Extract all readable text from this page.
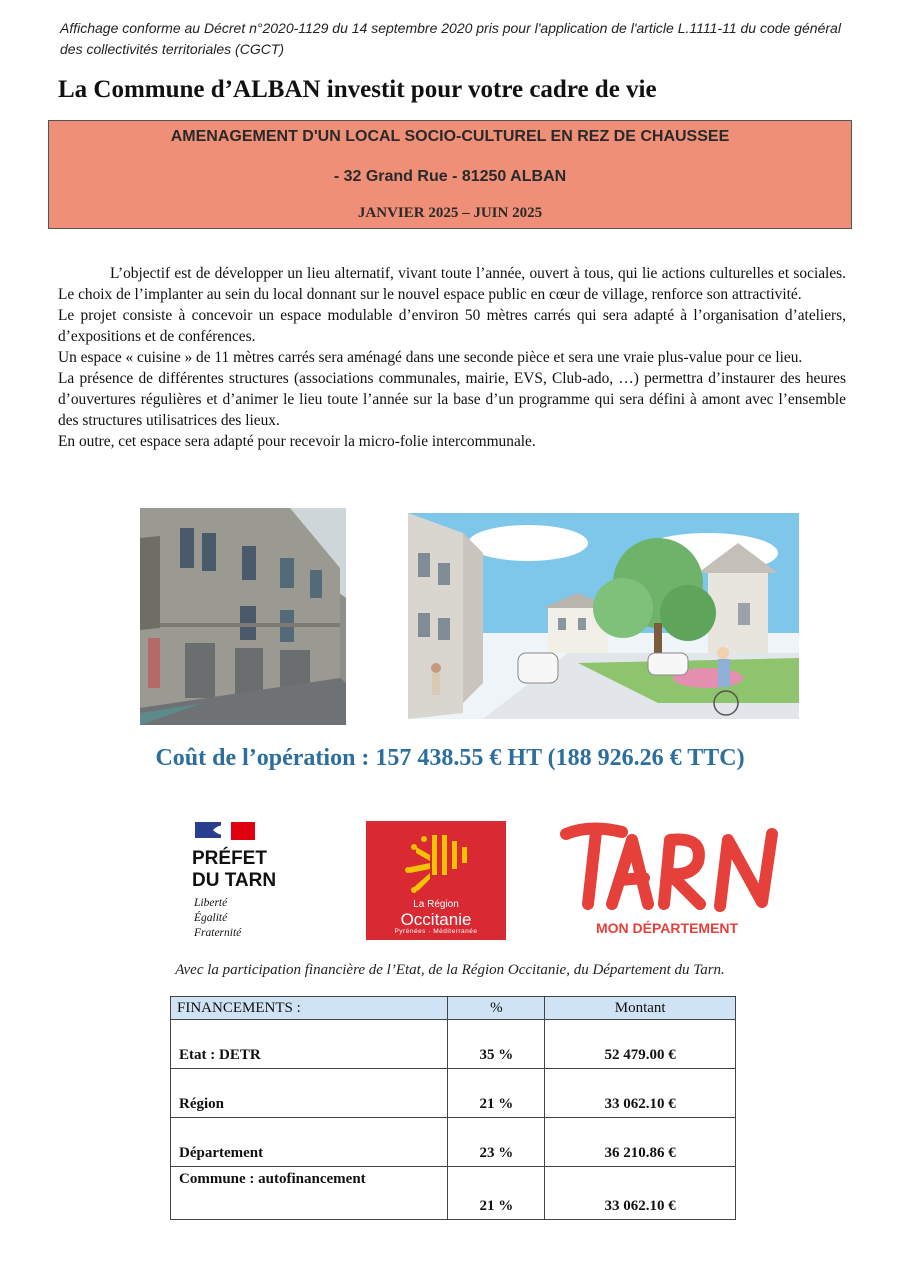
Affichage conforme au Décret n°2020-1129 du 14 septembre 2020 pris pour l'application de l'article L.1111-11 du code général des collectivités territoriales (CGCT)
La Commune d’ALBAN investit pour votre cadre de vie
AMENAGEMENT D'UN LOCAL SOCIO-CULTUREL EN REZ DE CHAUSSEE
- 32 Grand Rue - 81250 ALBAN
JANVIER 2025 – JUIN 2025

L’objectif est de développer un lieu alternatif, vivant toute l’année, ouvert à tous, qui lie actions culturelles et sociales. Le choix de l’implanter au sein du local donnant sur le nouvel espace public en cœur de village, renforce son attractivité.

Le projet consiste à concevoir un espace modulable d’environ 50 mètres carrés qui sera adapté à l’organisation d’ateliers, d’expositions et de conférences.

Un espace « cuisine » de 11 mètres carrés sera aménagé dans une seconde pièce et sera une vraie plus-value pour ce lieu.

La présence de différentes structures (associations communales, mairie, EVS, Club-ado, …) permettra d’instaurer des heures d’ouvertures régulières et d’animer le lieu toute l’année sur la base d’un programme qui sera défini à amont avec l’ensemble des structures utilisatrices des lieux.

En outre, cet espace sera adapté pour recevoir la micro-folie intercommunale.

Coût de l’opération : 157 438.55 € HT (188 926.26 € TTC)
PRÉFET
DU TARN
Liberté
Égalité
Fraternité
La Région
Occitanie
Pyrénées · Méditerranée	MON DÉPARTEMENT
Avec la participation financière de l’Etat, de la Région Occitanie, du Département du Tarn.
FINANCEMENTS :	%	Montant
Etat : DETR	35 %	52 479.00 €
Région	21 %	33 062.10 €
Département	23 %	36 210.86 €
Commune : autofinancement	21 %	33 062.10 €
